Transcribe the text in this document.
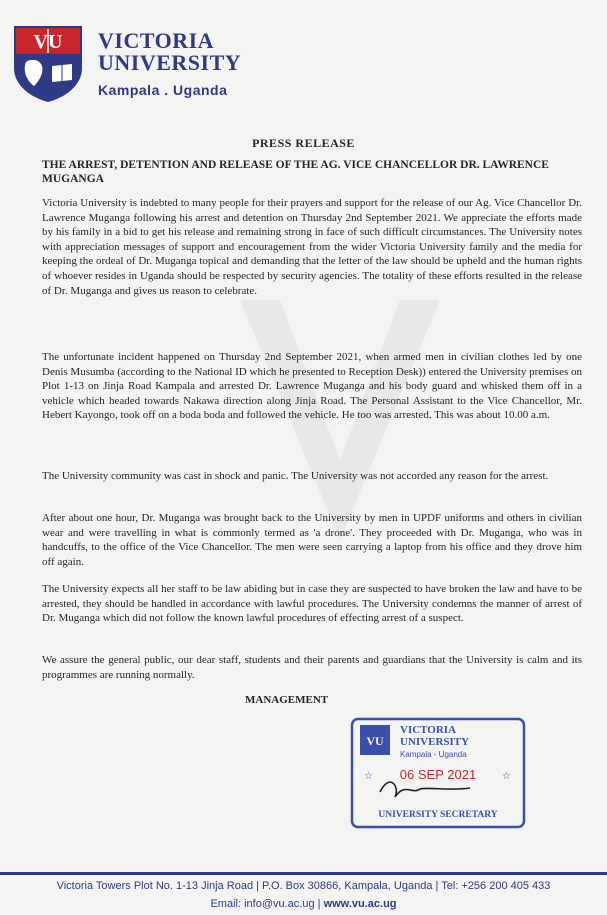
VU VICTORIA
UNIVERSITY
Kampala . Uganda
PRESS RELEASE
THE ARREST, DETENTION AND RELEASE OF THE AG. VICE CHANCELLOR DR. LAWRENCE MUGANGA
Victoria University is indebted to many people for their prayers and support for the release of our Ag. Vice Chancellor Dr. Lawrence Muganga following his arrest and detention on Thursday 2nd September 2021. We appreciate the efforts made by his family in a bid to get his release and remaining strong in face of such difficult circumstances. The University notes with appreciation messages of support and encouragement from the wider Victoria University family and the media for keeping the ordeal of Dr. Muganga topical and demanding that the letter of the law should be upheld and the human rights of whoever resides in Uganda should be respected by security agencies. The totality of these efforts resulted in the release of Dr. Muganga and gives us reason to celebrate.
The unfortunate incident happened on Thursday 2nd September 2021, when armed men in civilian clothes led by one Denis Musumba (according to the National ID which he presented to Reception Desk)) entered the University premises on Plot 1-13 on Jinja Road Kampala and arrested Dr. Lawrence Muganga and his body guard and whisked them off in a vehicle which headed towards Nakawa direction along Jinja Road. The Personal Assistant to the Vice Chancellor, Mr. Hebert Kayongo, took off on a boda boda and followed the vehicle. He too was arrested. This was about 10.00 a.m.
The University community was cast in shock and panic. The University was not accorded any reason for the arrest.
After about one hour, Dr. Muganga was brought back to the University by men in UPDF uniforms and others in civilian wear and were travelling in what is commonly termed as 'a drone'. They proceeded with Dr. Muganga, who was in handcuffs, to the office of the Vice Chancellor. The men were seen carrying a laptop from his office and they drove him off again.
The University expects all her staff to be law abiding but in case they are suspected to have broken the law and have to be arrested, they should be handled in accordance with lawful procedures. The University condemns the manner of arrest of Dr. Muganga which did not follow the known lawful procedures of effecting arrest of a suspect.
We assure the general public, our dear staff, students and their parents and guardians that the University is calm and its programmes are running normally.
MANAGEMENT
VU
VICTORIA
UNIVERSITY
Kampala - Uganda
06 SEP 2021
☆	☆
UNIVERSITY SECRETARY
Victoria Towers Plot No. 1-13 Jinja Road | P.O. Box 30866, Kampala, Uganda | Tel: +256 200 405 433
Email: info@vu.ac.ug | www.vu.ac.ug
